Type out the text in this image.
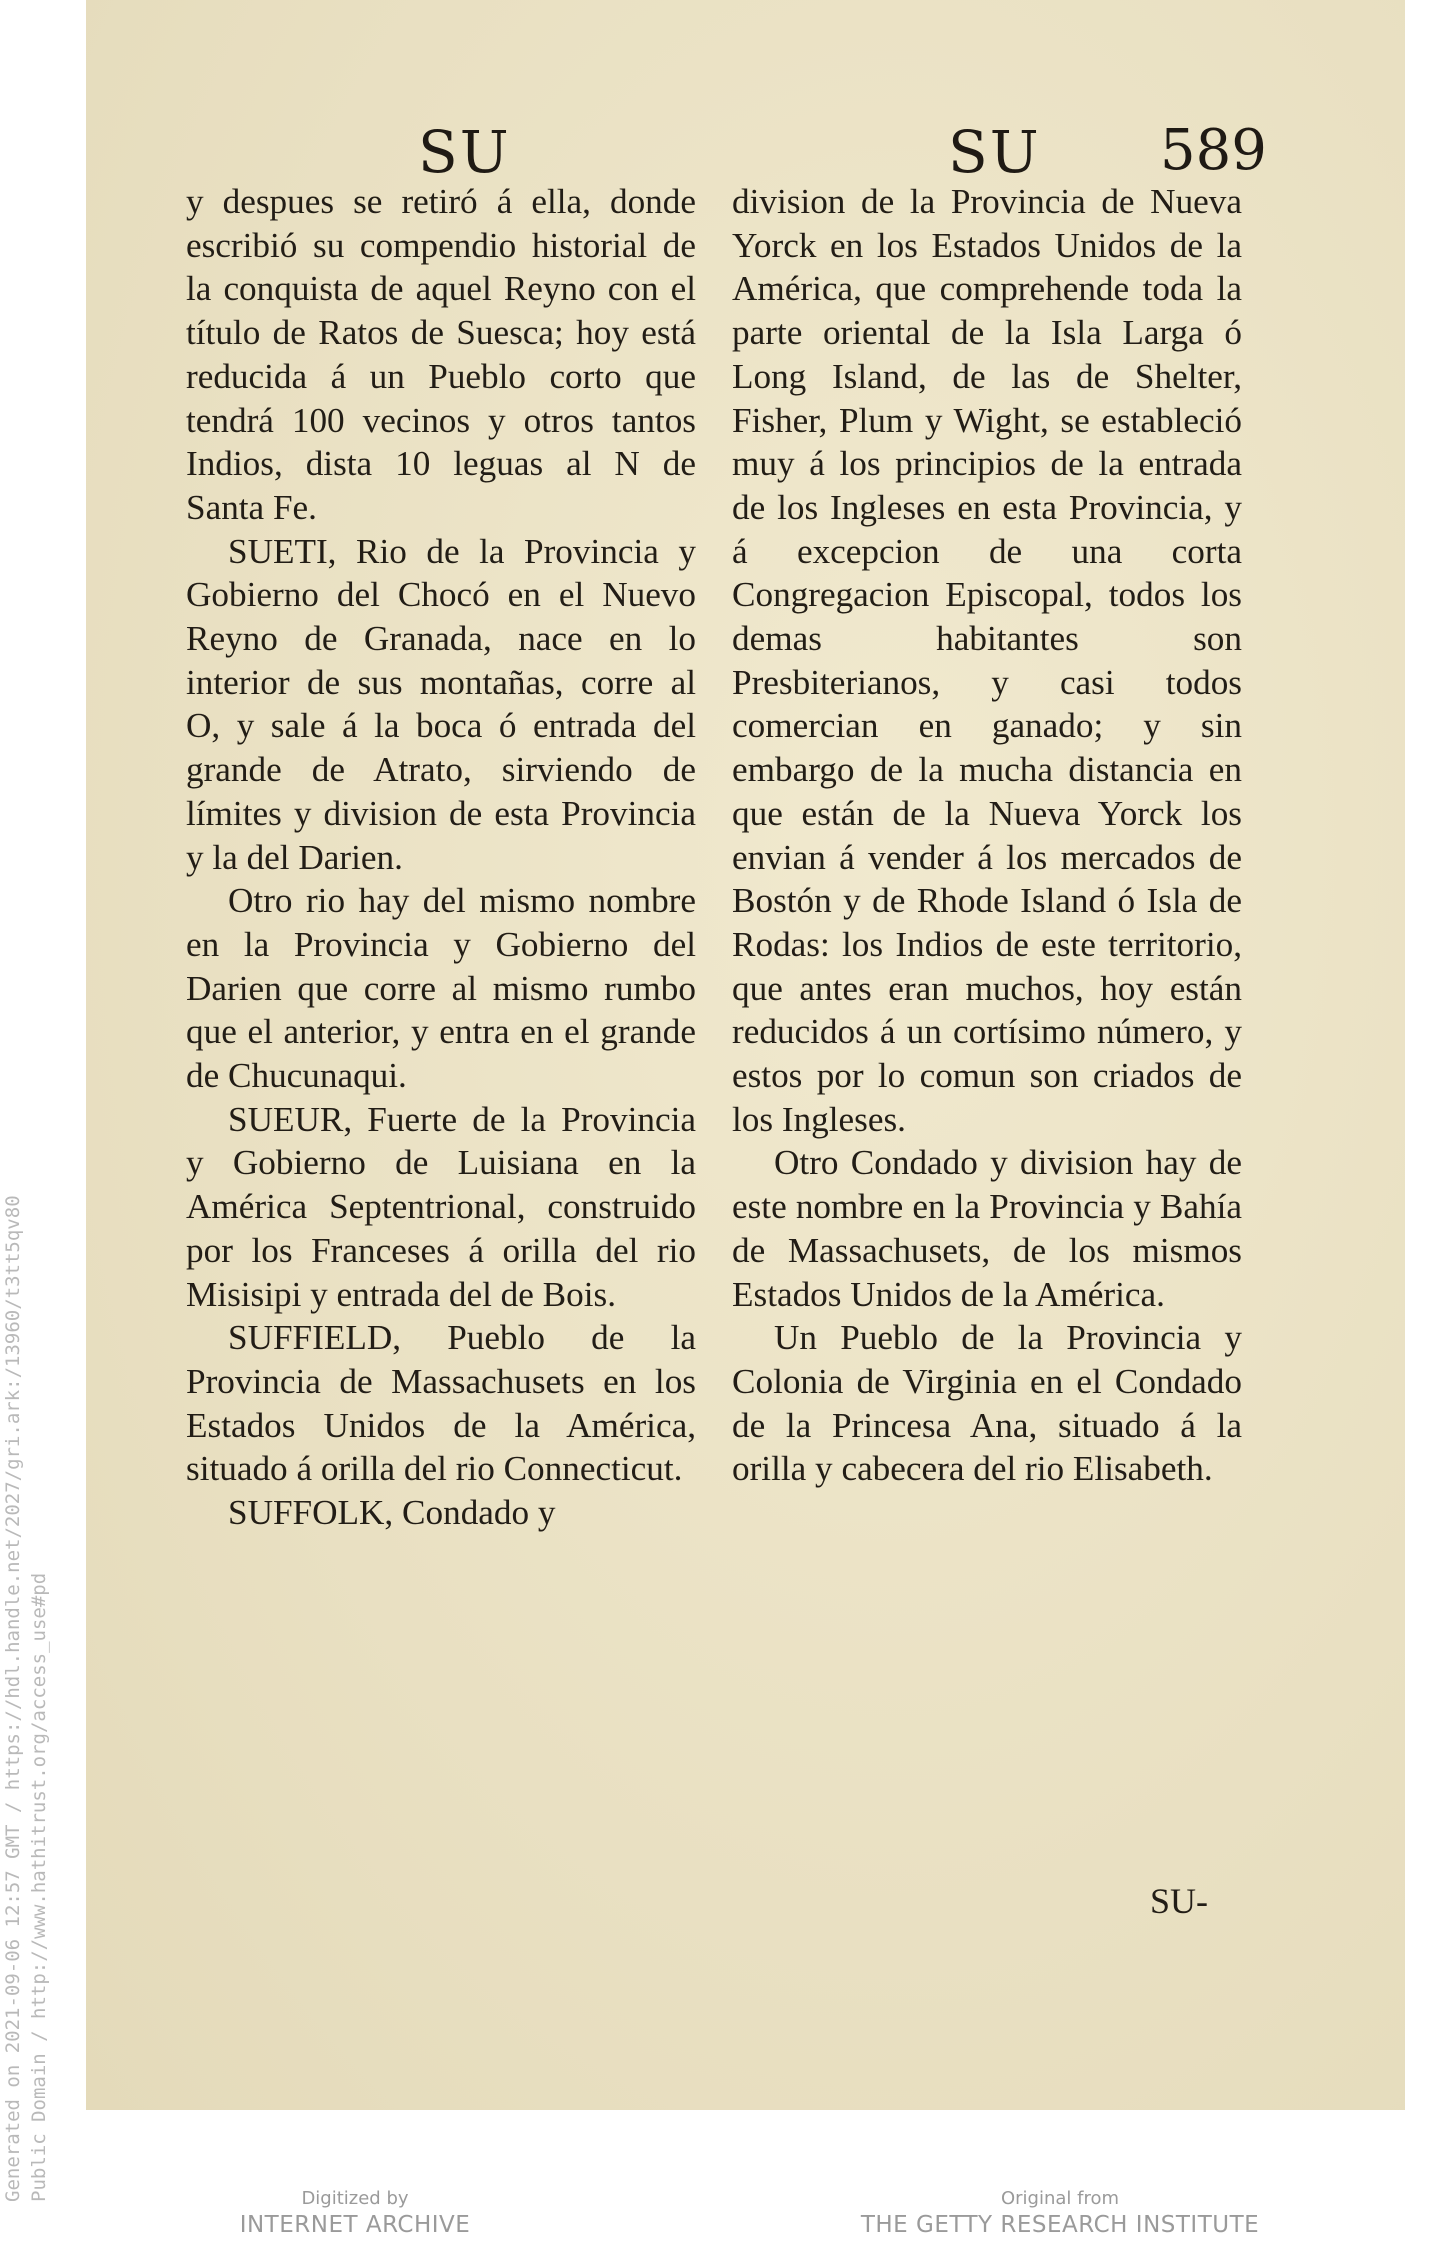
SU	SU 589

y despues se retiró á ella, donde escribió su compendio historial de la conquista de aquel Reyno con el título de Ratos de Suesca; hoy está reducida á un Pueblo corto que tendrá 100 vecinos y otros tantos Indios, dista 10 leguas al N de Santa Fe.

SUETI, Rio de la Provincia y Gobierno del Chocó en el Nuevo Reyno de Granada, nace en lo interior de sus montañas, corre al O, y sale á la boca ó entrada del grande de Atrato, sirviendo de límites y division de esta Provincia y la del Darien.

Otro rio hay del mismo nombre en la Provincia y Gobierno del Darien que corre al mismo rumbo que el anterior, y entra en el grande de Chucunaqui.

SUEUR, Fuerte de la Provincia y Gobierno de Luisiana en la América Septentrional, construido por los Franceses á orilla del rio Misisipi y entrada del de Bois.

SUFFIELD, Pueblo de la Provincia de Massachusets en los Estados Unidos de la América, situado á orilla del rio Connecticut.

SUFFOLK, Condado y

division de la Provincia de Nueva Yorck en los Estados Unidos de la América, que comprehende toda la parte oriental de la Isla Larga ó Long Island, de las de Shelter, Fisher, Plum y Wight, se estableció muy á los principios de la entrada de los Ingleses en esta Provincia, y á excepcion de una corta Congregacion Episcopal, todos los demas habitantes son Presbiterianos, y casi todos comercian en ganado; y sin embargo de la mucha distancia en que están de la Nueva Yorck los envian á vender á los mercados de Bostón y de Rhode Island ó Isla de Rodas: los Indios de este territorio, que antes eran muchos, hoy están reducidos á un cortísimo número, y estos por lo comun son criados de los Ingleses.

Otro Condado y division hay de este nombre en la Provincia y Bahía de Massachusets, de los mismos Estados Unidos de la América.

Un Pueblo de la Provincia y Colonia de Virginia en el Condado de la Princesa Ana, situado á la orilla y cabecera del rio Elisabeth.

SU-
Generated on 2021-09-06 12:57 GMT / https://hdl.handle.net/2027/gri.ark:/13960/t3tt5qv80 Public Domain / http://www.hathitrust.org/access_use#pd	Digitized by
INTERNET ARCHIVE
Original from
THE GETTY RESEARCH INSTITUTE
